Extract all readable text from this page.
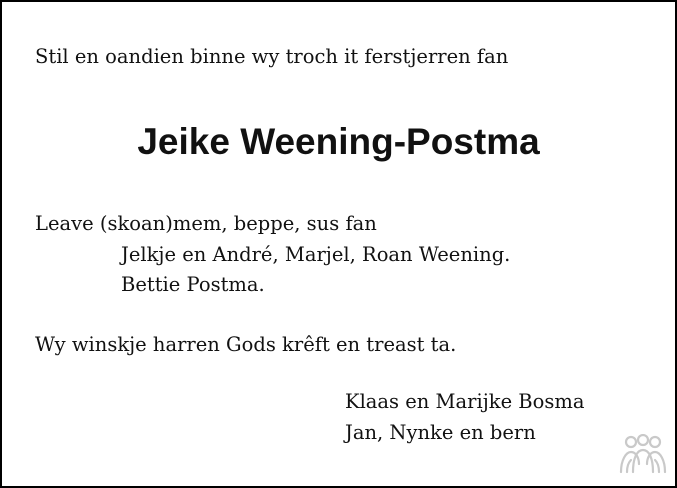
Stil en oandien binne wy troch it ferstjerren fan
Jeike Weening-Postma
Leave (skoan)mem, beppe, sus fan
Jelkje en André, Marjel, Roan Weening.
Bettie Postma.
Wy winskje harren Gods krêft en treast ta.
Klaas en Marijke Bosma
Jan, Nynke en bern
